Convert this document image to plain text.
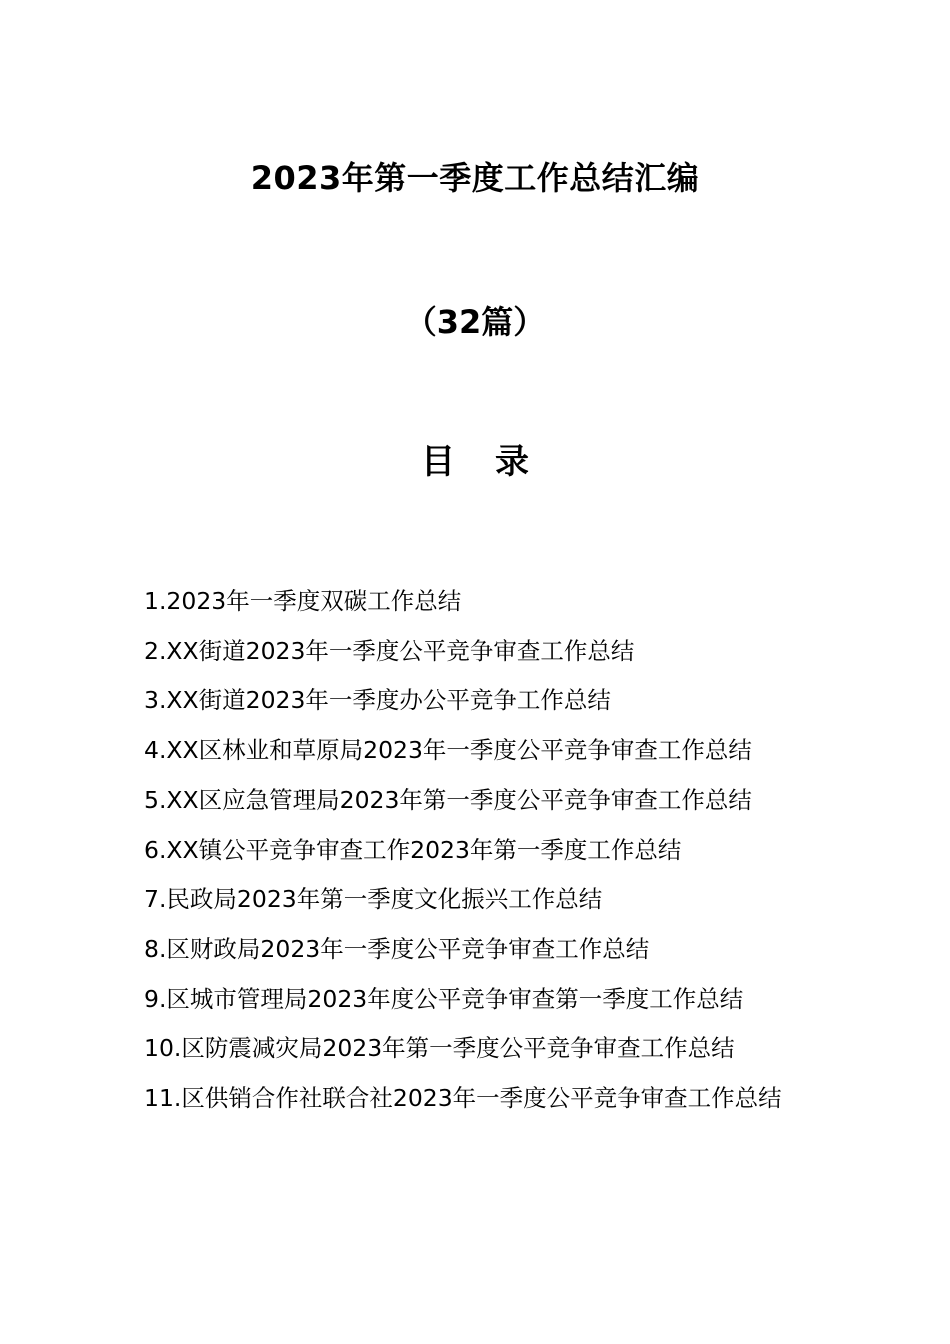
2023年第一季度工作总结汇编
（32篇）
目 录
1.2023年一季度双碳工作总结
2.XX街道2023年一季度公平竞争审查工作总结
3.XX街道2023年一季度办公平竞争工作总结
4.XX区林业和草原局2023年一季度公平竞争审查工作总结
5.XX区应急管理局2023年第一季度公平竞争审查工作总结
6.XX镇公平竞争审查工作2023年第一季度工作总结
7.民政局2023年第一季度文化振兴工作总结
8.区财政局2023年一季度公平竞争审查工作总结
9.区城市管理局2023年度公平竞争审查第一季度工作总结
10.区防震减灾局2023年第一季度公平竞争审查工作总结
11.区供销合作社联合社2023年一季度公平竞争审查工作总结
